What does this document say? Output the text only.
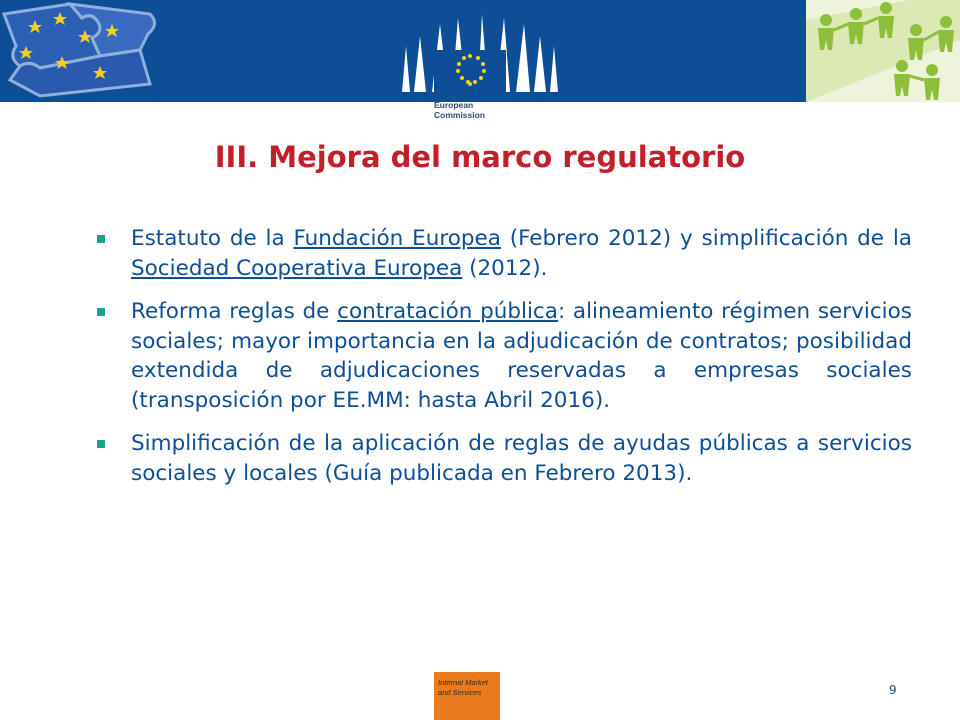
European
Commission
III. Mejora del marco regulatorio
Estatuto de la Fundación Europea (Febrero 2012) y simplificación de la Sociedad Cooperativa Europea (2012).
Reforma reglas de contratación pública: alineamiento régimen servicios sociales; mayor importancia en la adjudicación de contratos; posibilidad extendida de adjudicaciones reservadas a empresas sociales (transposición por EE.MM: hasta Abril 2016).
Simplificación de la aplicación de reglas de ayudas públicas a servicios sociales y locales (Guía publicada en Febrero 2013).
Internal Market
and Services	9
